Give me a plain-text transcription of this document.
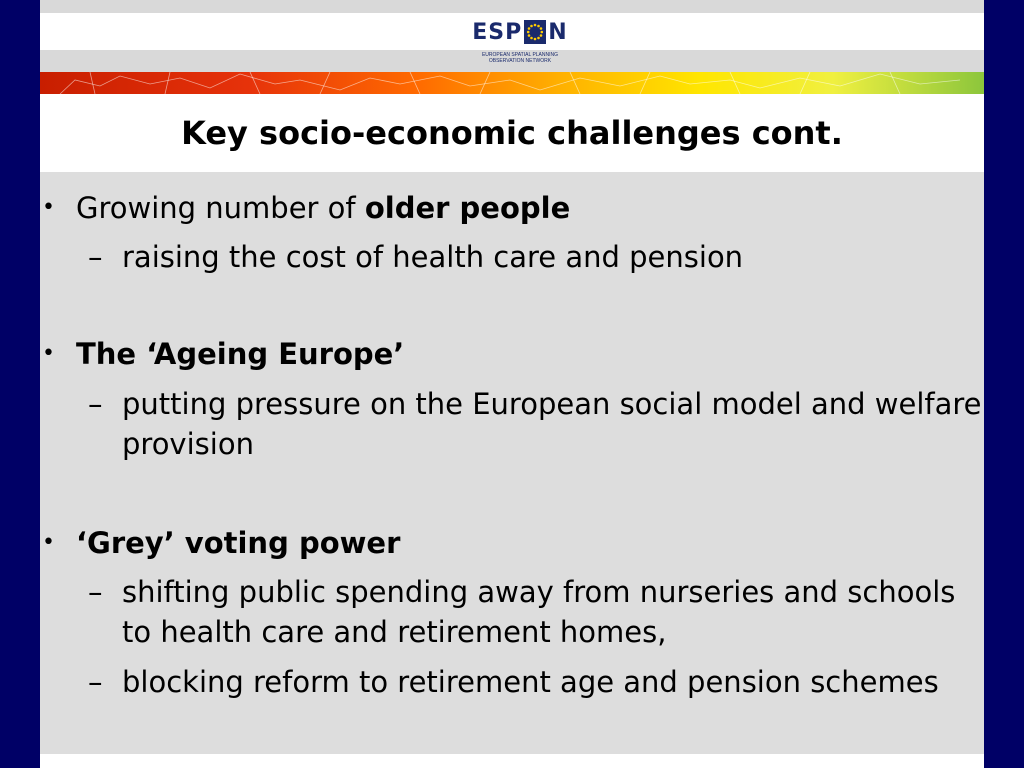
ESP N
EUROPEAN SPATIAL PLANNING
OBSERVATION NETWORK
Key socio-economic challenges cont.
• Growing number of older people
– raising the cost of health care and pension
• The ‘Ageing Europe’
– putting pressure on the European social model and welfare provision
• ‘Grey’ voting power
– shifting public spending away from nurseries and schools to health care and retirement homes,
– blocking reform to retirement age and pension schemes
